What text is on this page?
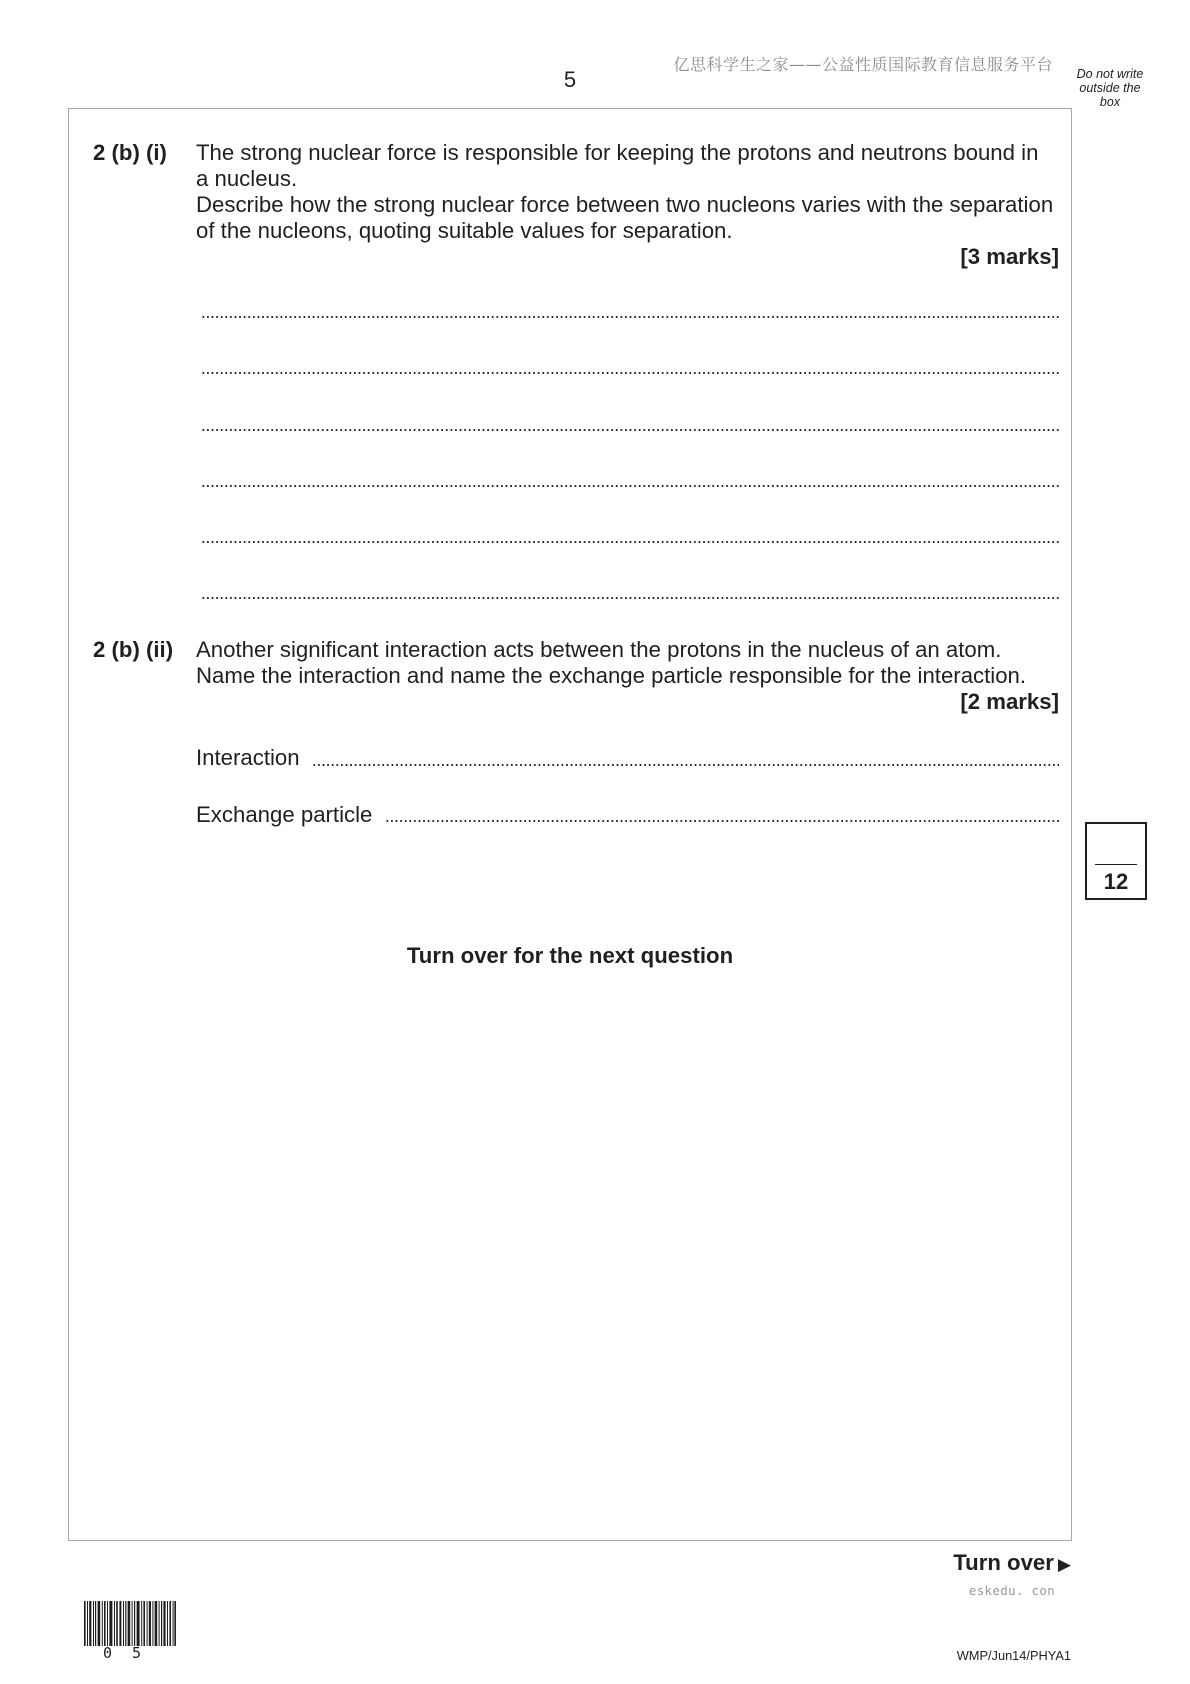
亿思科学生之家——公益性质国际教育信息服务平台
5	Do not write
outside the
box
2 (b) (i) The strong nuclear force is responsible for keeping the protons and neutrons bound in
a nucleus.
Describe how the strong nuclear force between two nucleons varies with the separation
of the nucleons, quoting suitable values for separation.
[3 marks]
2 (b) (ii) Another significant interaction acts between the protons in the nucleus of an atom.
Name the interaction and name the exchange particle responsible for the interaction.
[2 marks]
Interaction
Exchange particle
12
Turn over for the next question
Turn over ▶
eskedu. con
0 5	WMP/Jun14/PHYA1
